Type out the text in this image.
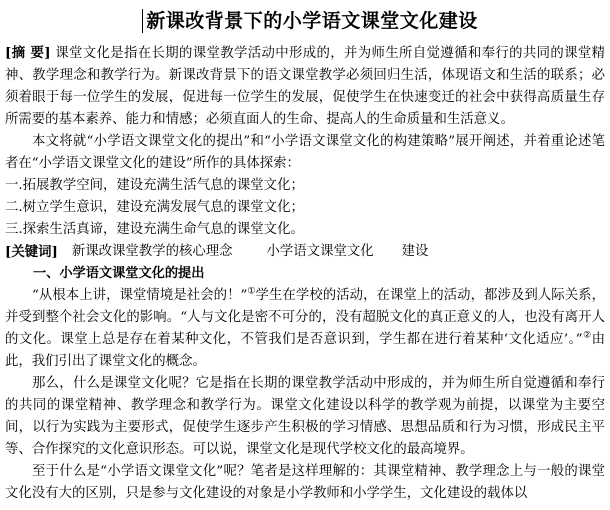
新课改背景下的小学语文课堂文化建设
[摘 要] 课堂文化是指在长期的课堂教学活动中形成的，并为师生所自觉遵循和奉行的共同的课堂精神、教学理念和教学行为。新课改背景下的语文课堂教学必须回归生活，体现语文和生活的联系；必须着眼于每一位学生的发展，促进每一位学生的发展，促使学生在快速变迁的社会中获得高质量生存所需要的基本素养、能力和情感；必须直面人的生命、提高人的生命质量和生活意义。
本文将就“小学语文课堂文化的提出”和“小学语文课堂文化的构建策略”展开阐述，并着重论述笔者在“小学语文课堂文化的建设”所作的具体探索：
一.拓展教学空间，建设充满生活气息的课堂文化；
二.树立学生意识，建设充满发展气息的课堂文化；
三.探索生活真谛，建设充满生命气息的课堂文化。
[关键词] 新课改课堂教学的核心理念	小学语文课堂文化 建设
一、小学语文课堂文化的提出
“从根本上讲，课堂情境是社会的！”①学生在学校的活动，在课堂上的活动，都涉及到人际关系，并受到整个社会文化的影响。“人与文化是密不可分的，没有超脱文化的真正意义的人，也没有离开人的文化。课堂上总是存在着某种文化，不管我们是否意识到，学生都在进行着某种‘文化适应’。”②由此，我们引出了课堂文化的概念。
那么，什么是课堂文化呢？它是指在长期的课堂教学活动中形成的，并为师生所自觉遵循和奉行的共同的课堂精神、教学理念和教学行为。课堂文化建设以科学的教学观为前提，以课堂为主要空间，以行为实践为主要形式，促使学生逐步产生积极的学习情感、思想品质和行为习惯，形成民主平等、合作探究的文化意识形态。可以说，课堂文化是现代学校文化的最高境界。
至于什么是“小学语文课堂文化”呢？笔者是这样理解的：其课堂精神、教学理念上与一般的课堂文化没有大的区别，只是参与文化建设的对象是小学教师和小学学生，文化建设的载体以
